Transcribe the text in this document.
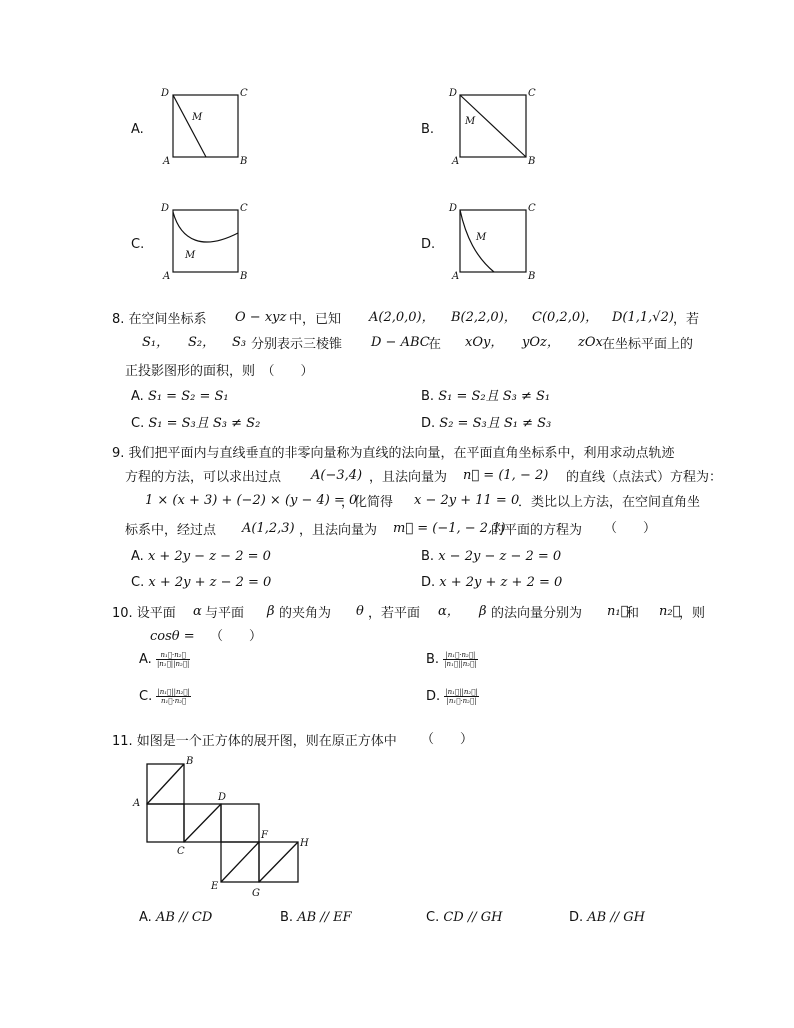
A.
D	C
A	B
M
B.
D	C
A	B
M
C.
D	C
A	B
M
D.
D	C
A	B
M
8. 在空间坐标系 O − xyz 中，已知 A(2,0,0)， B(2,2,0)， C(0,2,0)， D(1,1,√2) ，若
S₁， S₂， S₃ 分别表示三棱锥 D − ABC
在 xOy， yOz， zOx 在坐标平面上的
正投影图形的面积，则　（　　）
A. S₁ = S₂ = S₁	B. S₁ = S₂且 S₃ ≠ S₁
C. S₁ = S₃且 S₃ ≠ S₂	D. S₂ = S₃且 S₁ ≠ S₃
9. 我们把平面内与直线垂直的非零向量称为直线的法向量，在平面直角坐标系中，利用求动点轨迹
方程的方法，可以求出过点 A(−3,4) ，且法向量为 n⃗ = (1, − 2) 的直线（点法式）方程为：
1 × (x + 3) + (−2) × (y − 4) = 0
，化简得 x − 2y + 11 = 0
．类比以上方法，在空间直角坐
标系中，经过点 A(1,2,3) ，且法向量为 m⃗ = (−1, − 2,1)
的平面的方程为 （　　）
A. x + 2y − z − 2 = 0	B. x − 2y − z − 2 = 0
C. x + 2y + z − 2 = 0	D. x + 2y + z + 2 = 0
10. 设平面 α 与平面 β 的夹角为 θ ，若平面 α， β 的法向量分别为 n₁⃗
和 n₂⃗
，则
cosθ = （　　）
A. $\frac{\text{n₁⃗·n₂⃗}}{\text{|n₁⃗||n₂⃗|}}$	B. $\frac{\text{|n₁⃗·n₂⃗|}}{\text{|n₁⃗||n₂⃗|}}$
C. $\frac{\text{|n₁⃗||n₂⃗|}}{\text{n₁⃗·n₂⃗}}$	D. $\frac{\text{|n₁⃗||n₂⃗|}}{\text{|n₁⃗·n₂⃗|}}$
11. 如图是一个正方体的展开图，则在原正方体中 （　　）
B
A
D
C
F
H
E
G
A. AB // CD	B. AB // EF	C. CD // GH	D. AB // GH
